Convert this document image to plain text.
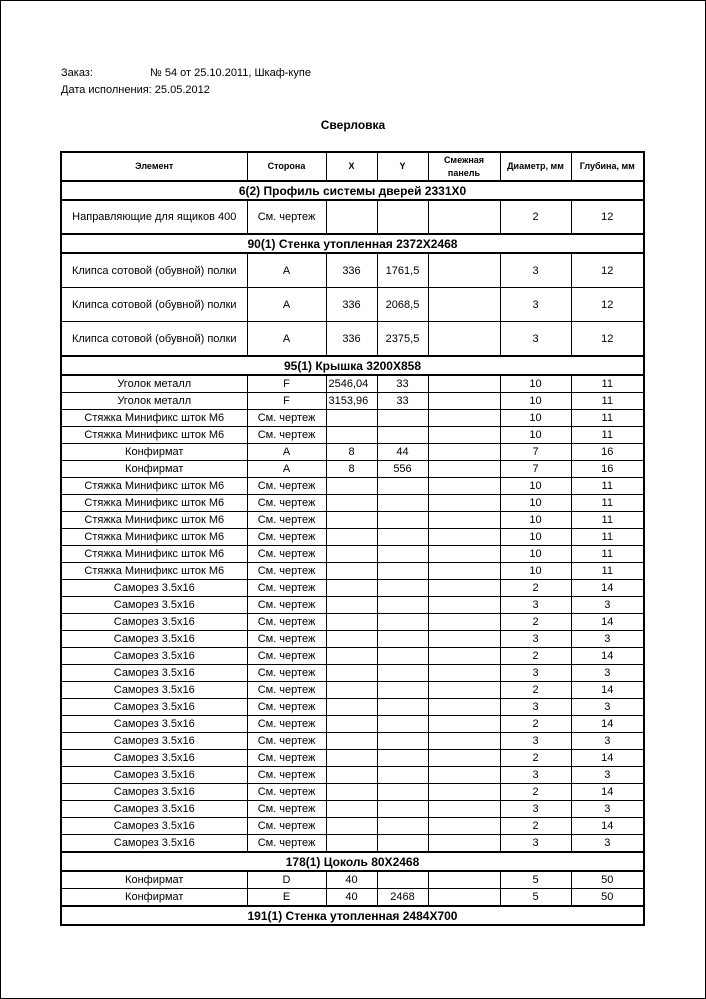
Заказ:	№ 54 от 25.10.2011, Шкаф-купе
Дата исполнения: 25.05.2012
Сверловка
Элемент	Сторона	X	Y	Смежная панель	Диаметр, мм	Глубина, мм
6(2) Профиль системы дверей 2331X0						
Направляющие для ящиков 400	См. чертеж				2	12
90(1) Стенка утопленная 2372X2468						
Клипса сотовой (обувной) полки	A	336	1761,5		3	12
Клипса сотовой (обувной) полки	A	336	2068,5		3	12
Клипса сотовой (обувной) полки	A	336	2375,5		3	12
95(1) Крышка 3200X858						
Уголок металл	F	2546,04	33		10	11
Уголок металл	F	3153,96	33		10	11
Стяжка Минификс шток М6	См. чертеж				10	11
Стяжка Минификс шток М6	См. чертеж				10	11
Конфирмат	A	8	44		7	16
Конфирмат	A	8	556		7	16
Стяжка Минификс шток М6	См. чертеж				10	11
Стяжка Минификс шток М6	См. чертеж				10	11
Стяжка Минификс шток М6	См. чертеж				10	11
Стяжка Минификс шток М6	См. чертеж				10	11
Стяжка Минификс шток М6	См. чертеж				10	11
Стяжка Минификс шток М6	См. чертеж				10	11
Саморез 3.5x16	См. чертеж				2	14
Саморез 3.5x16	См. чертеж				3	3
Саморез 3.5x16	См. чертеж				2	14
Саморез 3.5x16	См. чертеж				3	3
Саморез 3.5x16	См. чертеж				2	14
Саморез 3.5x16	См. чертеж				3	3
Саморез 3.5x16	См. чертеж				2	14
Саморез 3.5x16	См. чертеж				3	3
Саморез 3.5x16	См. чертеж				2	14
Саморез 3.5x16	См. чертеж				3	3
Саморез 3.5x16	См. чертеж				2	14
Саморез 3.5x16	См. чертеж				3	3
Саморез 3.5x16	См. чертеж				2	14
Саморез 3.5x16	См. чертеж				3	3
Саморез 3.5x16	См. чертеж				2	14
Саморез 3.5x16	См. чертеж				3	3
178(1) Цоколь 80X2468						
Конфирмат	D	40			5	50
Конфирмат	E	40	2468		5	50
191(1) Стенка утопленная 2484X700						
